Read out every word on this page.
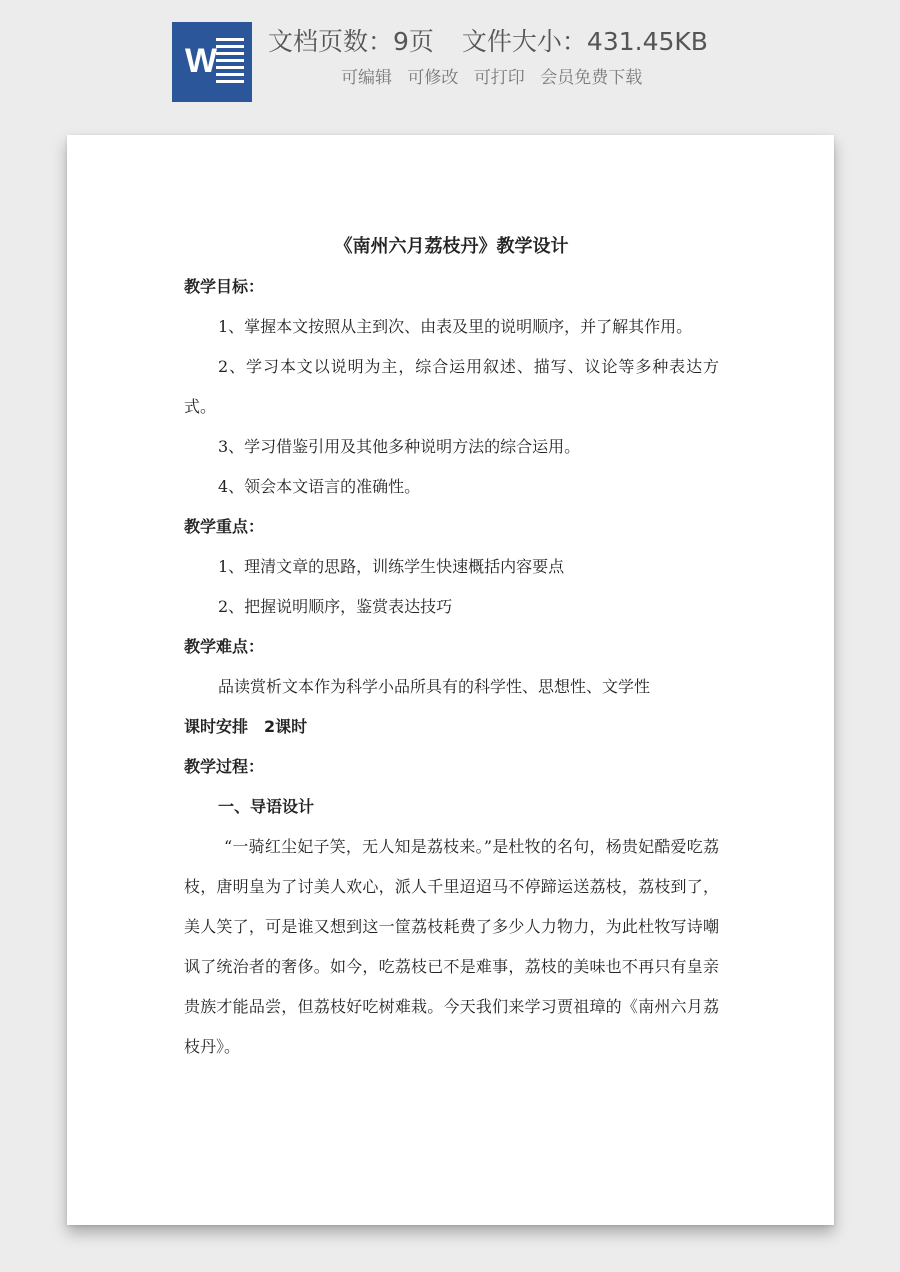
W
文档页数：9页 文件大小：431.45KB
可编辑 可修改 可打印 会员免费下载

《南州六月荔枝丹》教学设计

教学目标：

1、掌握本文按照从主到次、由表及里的说明顺序，并了解其作用。

2、学习本文以说明为主，综合运用叙述、描写、议论等多种表达方式。

3、学习借鉴引用及其他多种说明方法的综合运用。

4、领会本文语言的准确性。

教学重点：

1、理清文章的思路，训练学生快速概括内容要点

2、把握说明顺序，鉴赏表达技巧

教学难点：

品读赏析文本作为科学小品所具有的科学性、思想性、文学性

课时安排　2课时

教学过程：

一、导语设计

“一骑红尘妃子笑，无人知是荔枝来。”是杜牧的名句，杨贵妃酷爱吃荔枝，唐明皇为了讨美人欢心，派人千里迢迢马不停蹄运送荔枝，荔枝到了，美人笑了，可是谁又想到这一筐荔枝耗费了多少人力物力，为此杜牧写诗嘲讽了统治者的奢侈。如今，吃荔枝已不是难事，荔枝的美味也不再只有皇亲贵族才能品尝，但荔枝好吃树难栽。今天我们来学习贾祖璋的《南州六月荔枝丹》。
